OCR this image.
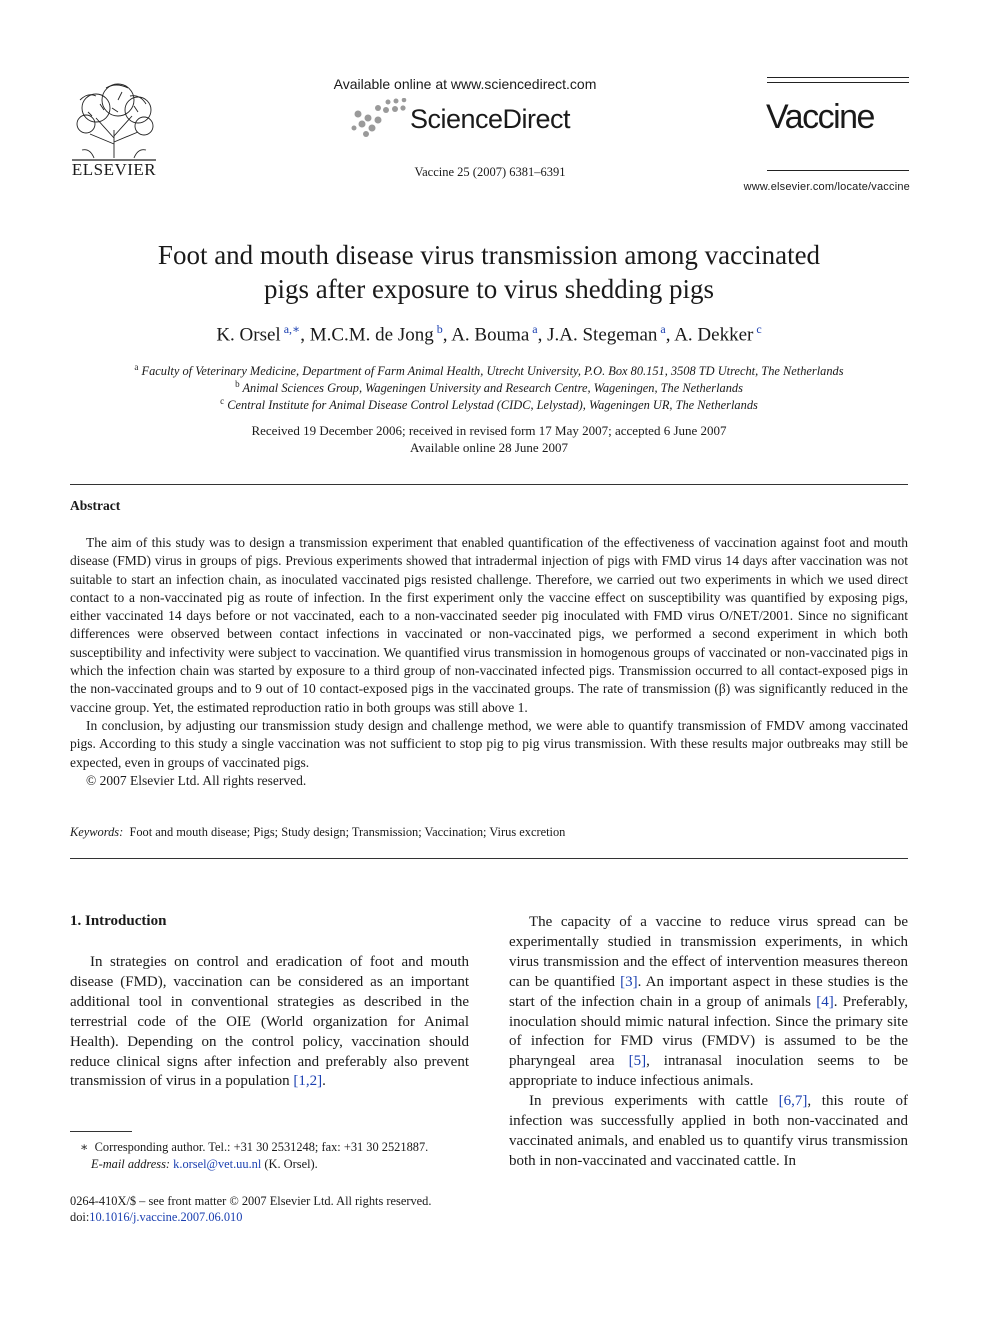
ELSEVIER
Available online at www.sciencedirect.com
ScienceDirect
Vaccine 25 (2007) 6381–6391
Vaccine
www.elsevier.com/locate/vaccine
Foot and mouth disease virus transmission among vaccinated
pigs after exposure to virus shedding pigs
K. Orsel $^{a,∗}$, M.C.M. de Jong $^b$, A. Bouma $^a$, J.A. Stegeman $^a$, A. Dekker $^c$
$^a$ Faculty of Veterinary Medicine, Department of Farm Animal Health, Utrecht University, P.O. Box 80.151, 3508 TD Utrecht, The Netherlands
$^b$ Animal Sciences Group, Wageningen University and Research Centre, Wageningen, The Netherlands
$^c$ Central Institute for Animal Disease Control Lelystad (CIDC, Lelystad), Wageningen UR, The Netherlands
Received 19 December 2006; received in revised form 17 May 2007; accepted 6 June 2007
Available online 28 June 2007
Abstract

The aim of this study was to design a transmission experiment that enabled quantification of the effectiveness of vaccination against foot and mouth disease (FMD) virus in groups of pigs. Previous experiments showed that intradermal injection of pigs with FMD virus 14 days after vaccination was not suitable to start an infection chain, as inoculated vaccinated pigs resisted challenge. Therefore, we carried out two experiments in which we used direct contact to a non-vaccinated pig as route of infection. In the first experiment only the vaccine effect on susceptibility was quantified by exposing pigs, either vaccinated 14 days before or not vaccinated, each to a non-vaccinated seeder pig inoculated with FMD virus O/NET/2001. Since no significant differences were observed between contact infections in vaccinated or non-vaccinated pigs, we performed a second experiment in which both susceptibility and infectivity were subject to vaccination. We quantified virus transmission in homogenous groups of vaccinated or non-vaccinated pigs in which the infection chain was started by exposure to a third group of non-vaccinated infected pigs. Transmission occurred to all contact-exposed pigs in the non-vaccinated groups and to 9 out of 10 contact-exposed pigs in the vaccinated groups. The rate of transmission (β) was significantly reduced in the vaccine group. Yet, the estimated reproduction ratio in both groups was still above 1.

In conclusion, by adjusting our transmission study design and challenge method, we were able to quantify transmission of FMDV among vaccinated pigs. According to this study a single vaccination was not sufficient to stop pig to pig virus transmission. With these results major outbreaks may still be expected, even in groups of vaccinated pigs.

© 2007 Elsevier Ltd. All rights reserved.

Keywords: Foot and mouth disease; Pigs; Study design; Transmission; Vaccination; Virus excretion
1. Introduction

In strategies on control and eradication of foot and mouth disease (FMD), vaccination can be considered as an important additional tool in conventional strategies as described in the terrestrial code of the OIE (World organization for Animal Health). Depending on the control policy, vaccination should reduce clinical signs after infection and preferably also prevent transmission of virus in a population [1,2].

The capacity of a vaccine to reduce virus spread can be experimentally studied in transmission experiments, in which virus transmission and the effect of intervention measures thereon can be quantified [3]. An important aspect in these studies is the start of the infection chain in a group of animals [4]. Preferably, inoculation should mimic natural infection. Since the primary site of infection for FMD virus (FMDV) is assumed to be the pharyngeal area [5], intranasal inoculation seems to be appropriate to induce infectious animals.

In previous experiments with cattle [6,7], this route of infection was successfully applied in both non-vaccinated and vaccinated animals, and enabled us to quantify virus transmission both in non-vaccinated and vaccinated cattle. In

∗ Corresponding author. Tel.: +31 30 2531248; fax: +31 30 2521887.
E-mail address: k.orsel@vet.uu.nl (K. Orsel).
0264-410X/$ – see front matter © 2007 Elsevier Ltd. All rights reserved.
doi:10.1016/j.vaccine.2007.06.010
